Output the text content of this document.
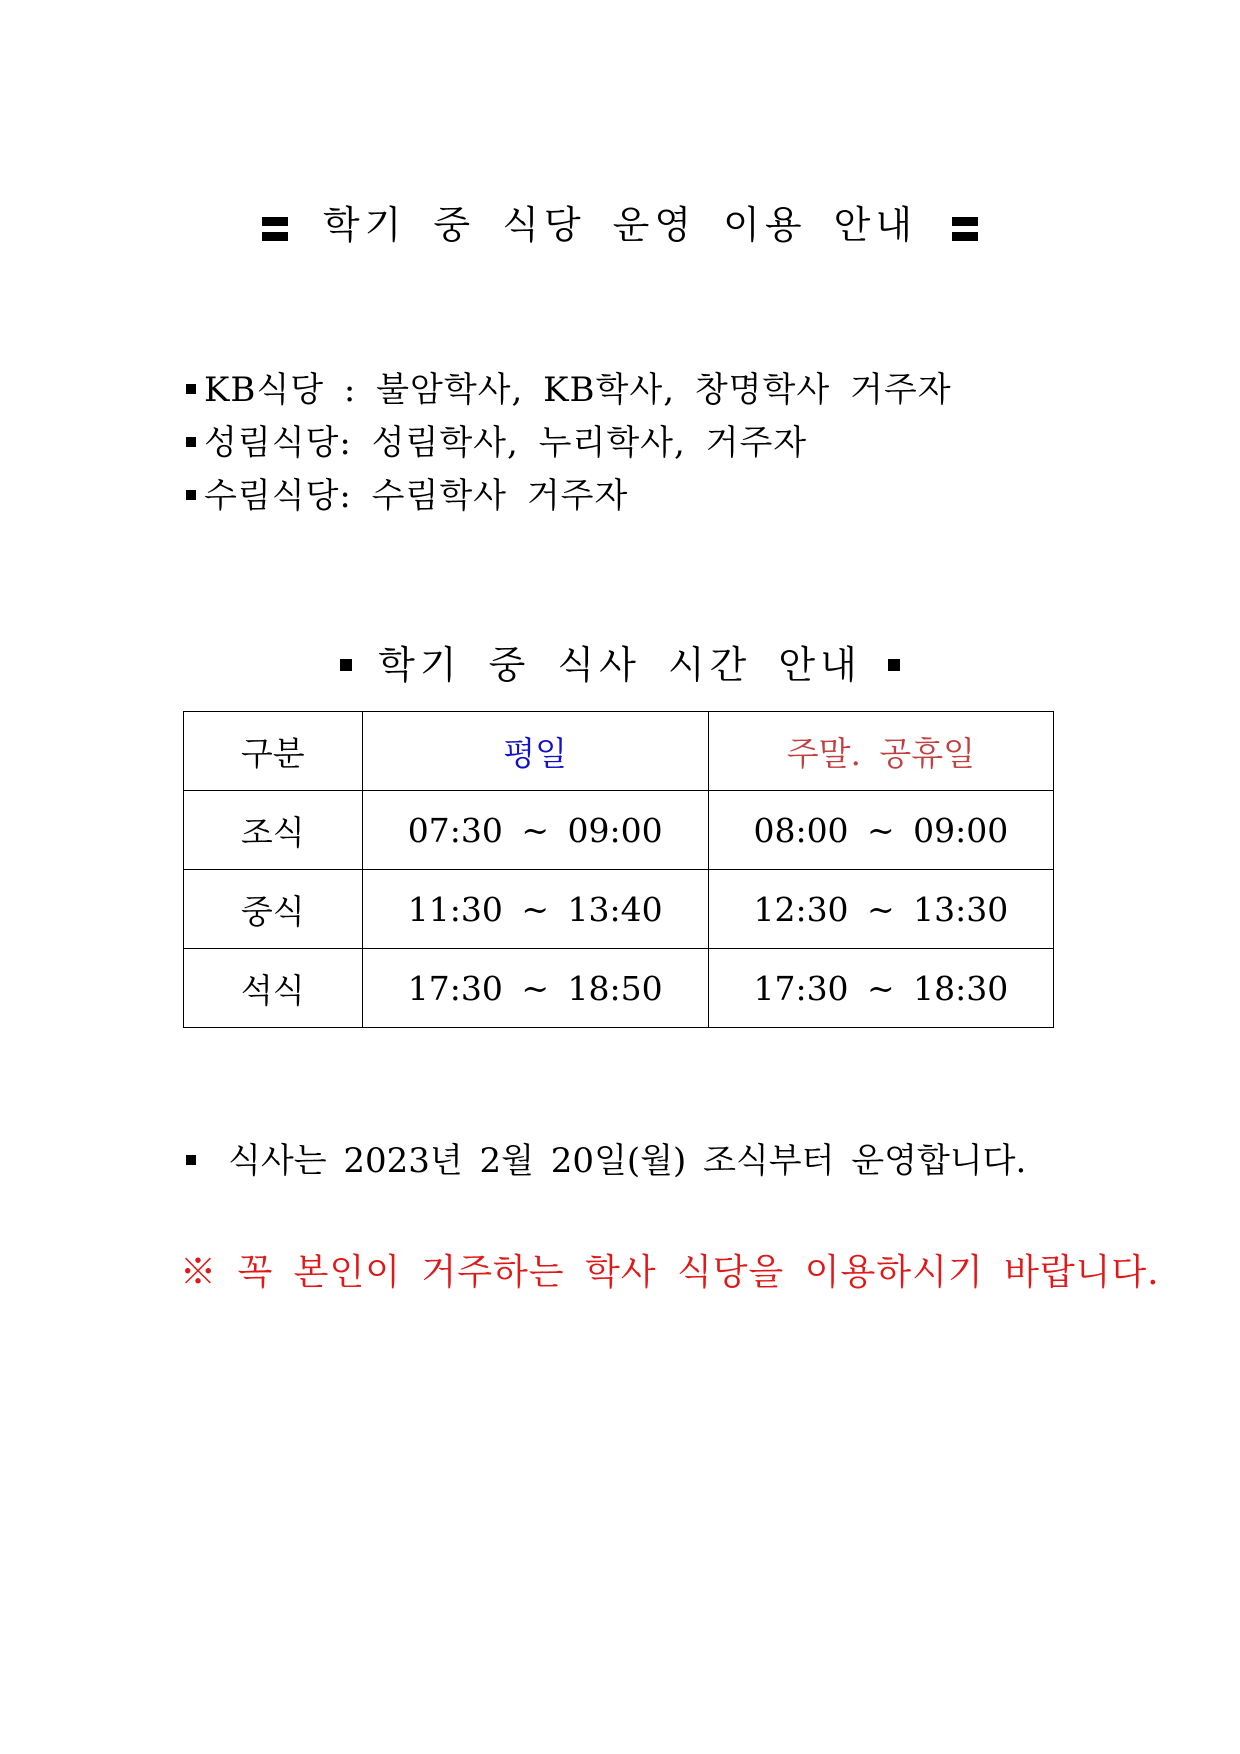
학기 중 식당 운영 이용 안내
KB식당 : 불암학사, KB학사, 창명학사 거주자
성림식당: 성림학사, 누리학사, 거주자
수림식당: 수림학사 거주자
학기 중 식사 시간 안내
구분	평일	주말. 공휴일
조식	07:30 ~ 09:00	08:00 ~ 09:00
중식	11:30 ~ 13:40	12:30 ~ 13:30
석식	17:30 ~ 18:50	17:30 ~ 18:30
식사는 2023년 2월 20일(월) 조식부터 운영합니다.
※ 꼭 본인이 거주하는 학사 식당을 이용하시기 바랍니다.
